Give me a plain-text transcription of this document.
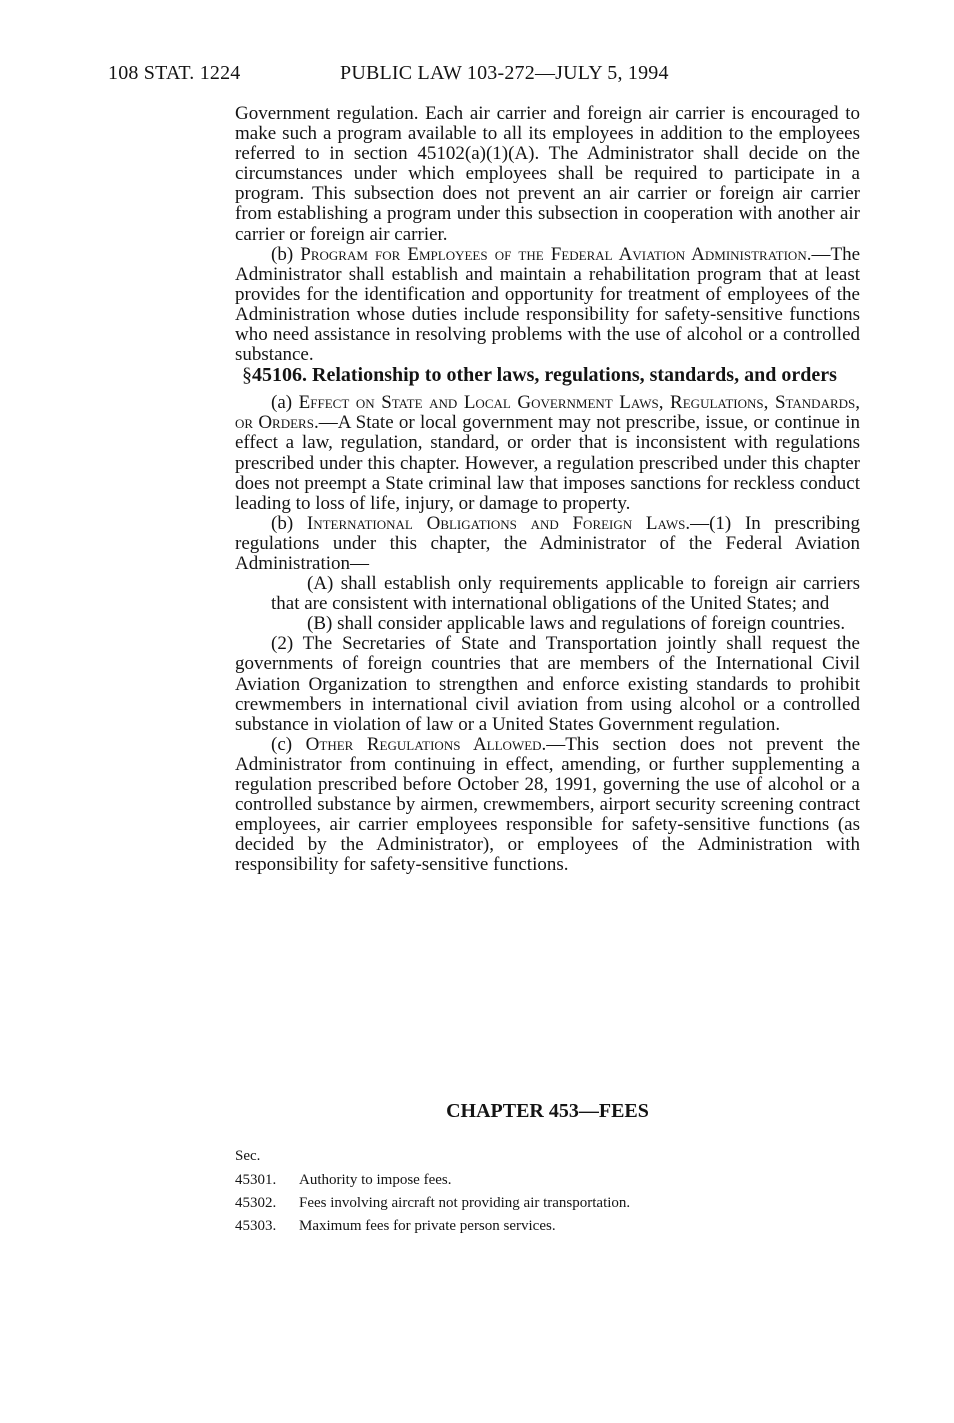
108 STAT. 1224	PUBLIC LAW 103-272—JULY 5, 1994

Government regulation. Each air carrier and foreign air carrier is encouraged to make such a program available to all its employees in addition to the employees referred to in section 45102(a)(1)(A). The Administrator shall decide on the circumstances under which employees shall be required to participate in a program. This subsection does not prevent an air carrier or foreign air carrier from establishing a program under this subsection in cooperation with another air carrier or foreign air carrier.

(b) Program for Employees of the Federal Aviation Administration.—The Administrator shall establish and maintain a rehabilitation program that at least provides for the identification and opportunity for treatment of employees of the Administration whose duties include responsibility for safety-sensitive functions who need assistance in resolving problems with the use of alcohol or a controlled substance.

§45106. Relationship to other laws, regulations, standards, and orders

(a) Effect on State and Local Government Laws, Regulations, Standards, or Orders.—A State or local government may not prescribe, issue, or continue in effect a law, regulation, standard, or order that is inconsistent with regulations prescribed under this chapter. However, a regulation prescribed under this chapter does not preempt a State criminal law that imposes sanctions for reckless conduct leading to loss of life, injury, or damage to property.

(b) International Obligations and Foreign Laws.—(1) In prescribing regulations under this chapter, the Administrator of the Federal Aviation Administration—

(A) shall establish only requirements applicable to foreign air carriers that are consistent with international obligations of the United States; and

(B) shall consider applicable laws and regulations of foreign countries.

(2) The Secretaries of State and Transportation jointly shall request the governments of foreign countries that are members of the International Civil Aviation Organization to strengthen and enforce existing standards to prohibit crewmembers in international civil aviation from using alcohol or a controlled substance in violation of law or a United States Government regulation.

(c) Other Regulations Allowed.—This section does not prevent the Administrator from continuing in effect, amending, or further supplementing a regulation prescribed before October 28, 1991, governing the use of alcohol or a controlled substance by airmen, crewmembers, airport security screening contract employees, air carrier employees responsible for safety-sensitive functions (as decided by the Administrator), or employees of the Administration with responsibility for safety-sensitive functions.

CHAPTER 453—FEES
Sec.
45301.	Authority to impose fees.
45302.	Fees involving aircraft not providing air transportation.
45303.	Maximum fees for private person services.
